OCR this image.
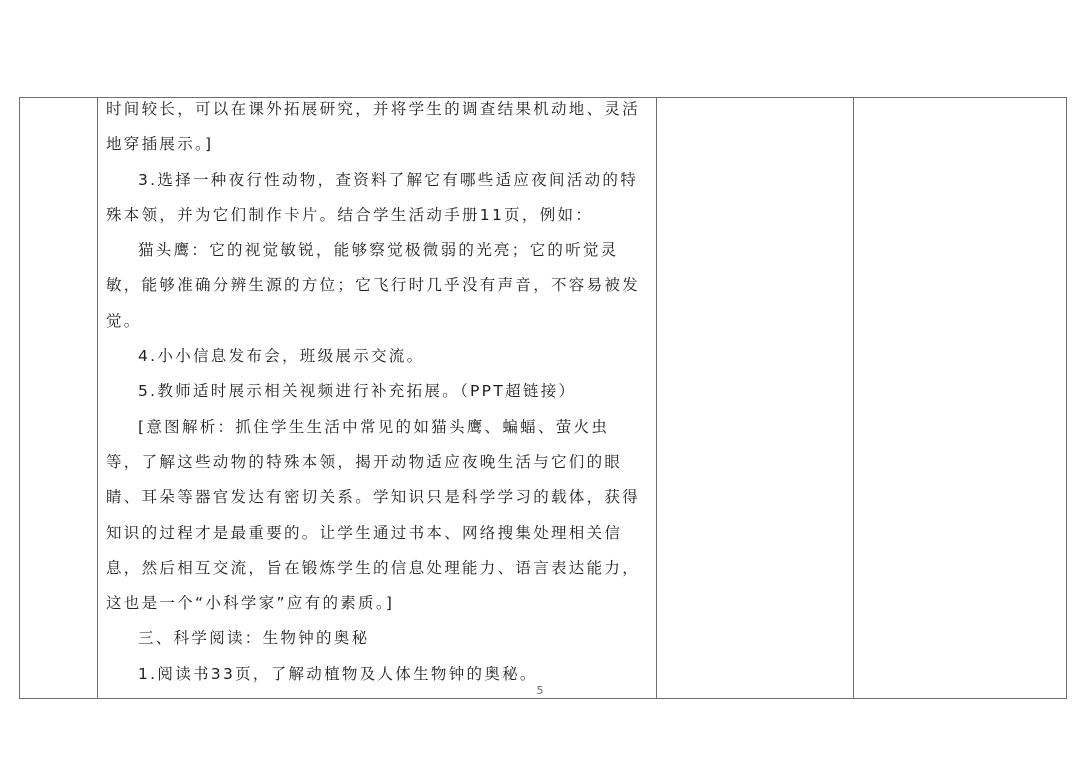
时间较长，可以在课外拓展研究，并将学生的调查结果机动地、灵活
地穿插展示。]
3.选择一种夜行性动物，查资料了解它有哪些适应夜间活动的特
殊本领，并为它们制作卡片。结合学生活动手册11页，例如：
猫头鹰：它的视觉敏锐，能够察觉极微弱的光亮；它的听觉灵
敏，能够准确分辨生源的方位；它飞行时几乎没有声音，不容易被发
觉。
4.小小信息发布会，班级展示交流。
5.教师适时展示相关视频进行补充拓展。（PPT超链接）
[意图解析：抓住学生生活中常见的如猫头鹰、蝙蝠、萤火虫
等，了解这些动物的特殊本领，揭开动物适应夜晚生活与它们的眼
睛、耳朵等器官发达有密切关系。学知识只是科学学习的载体，获得
知识的过程才是最重要的。让学生通过书本、网络搜集处理相关信
息，然后相互交流，旨在锻炼学生的信息处理能力、语言表达能力，
这也是一个“小科学家”应有的素质。]
三、科学阅读：生物钟的奥秘
1.阅读书33页，了解动植物及人体生物钟的奥秘。

5
